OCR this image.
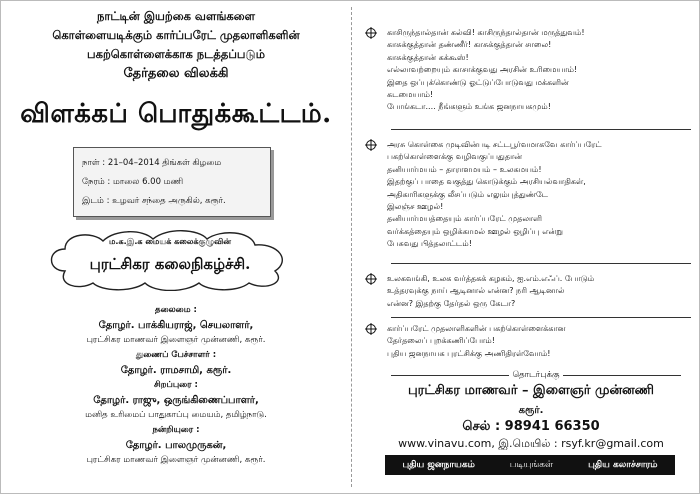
நாட்டின் இயற்கை வளங்களை
கொள்ளையடிக்கும் கார்ப்பரேட் முதலாளிகளின்
பகற்கொள்ளைக்காக நடத்தப்படும்
தேர்தலை விலக்கி
விளக்கப் பொதுக்கூட்டம்.
நாள் : 21–04–2014 திங்கள் கிழமை
நேரம் : மாலை 6.00 மணி
இடம் : உழவர் சந்தை அருகில், கரூர்.
ம.க.இ.க மையக் கலைக்குழுவின்
புரட்சிகர கலைநிகழ்ச்சி.
தலைமை :
தோழர். பாக்கியராஜ், செயலாளர்,
புரட்சிகர மாணவர் இளைஞர் முன்னணி, கரூர்.
துணைப் பேச்சாளர் :
தோழர். ராமசாமி, கரூர்.
சிறப்புரை :
தோழர். ராஜு, ஒருங்கிணைப்பாளர்,
மனித உரிமைப் பாதுகாப்பு மையம், தமிழ்நாடு.
நன்றியுரை :
தோழர். பாலமுருகன்,
புரட்சிகர மாணவர் இளைஞர் முன்னணி, கரூர்.
காசிருந்தால்தான் கல்வி! காசிருந்தால்தான் மருத்துவம்!
காசுக்குத்தான் தண்ணீர்! காசுக்குத்தான் சாலை!
காசுக்குத்தான் கக்கூஸ்!
எல்லாவற்றையும் காசாக்குவது அரசின் உரிமையாம்!
இதை ஒப்புக்கொண்டு ஓட்டுப்போடுவது மக்களின்
கடமையாம்!
போங்கடா.... நீங்களும் உங்க ஜனநாயகமும்!
அரசு கொள்கை முடிவின்படி சட்டபூர்வமாகவே கார்ப்பரேட்
பகற்கொள்ளைக்கு வழிவகுப்பதுதான்
தனியார்மயம் – தாராளமயம் – உலகமயம்!
இதற்குப் பாதை வகுத்து கொடுக்கும் அரசியல்வாதிகள்,
அதிகாரிகளுக்கு லீசப்படும் எலும்புத்துண்டே
இலஞ்ச ஊழல்!
தனியார்மயத்தையும் கார்ப்பரேட் முதலாளி
வர்க்கத்தையும் ஒழிக்காமல் ஊழல் ஒழிப்பு என்று
பேசுவது பித்தலாட்டம்!
உலகவங்கி, உலக வர்த்தகக் கழகம், ஐ.எம்.எஃப். போடும்
உத்தரவுக்கு நாய் ஆடினால் என்ன? நரி ஆடினால்
என்ன? இதற்கு தேர்தல் ஒரு கேடா?
கார்ப்பரேட் முதலாளிகளின் பகற்கொள்ளைக்கான
தேர்தலைப் புறக்கணிப்போம்!
புதிய ஜனநாயக புரட்சிக்கு அணிதிரள்வோம்!
தொடர்புக்கு
புரட்சிகர மாணவர் – இளைஞர் முன்னணி
கரூர்.
செல் : 98941 66350
www.vinavu.com, இ.மெயில் : rsyf.kr@gmail.com
புதிய ஜனநாயகம்	படியுங்கள்	புதிய கலாச்சாரம்
